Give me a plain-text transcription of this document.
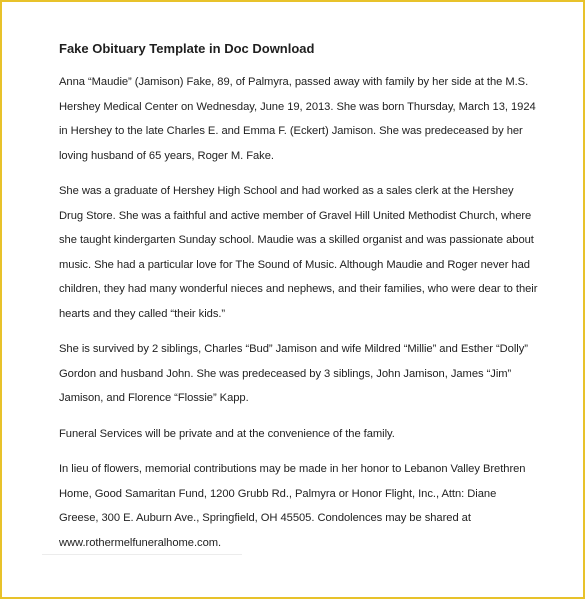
Fake Obituary Template in Doc Download
Anna “Maudie” (Jamison) Fake, 89, of Palmyra, passed away with family by her side at the M.S.
Hershey Medical Center on Wednesday, June 19, 2013. She was born Thursday, March 13, 1924
in Hershey to the late Charles E. and Emma F. (Eckert) Jamison. She was predeceased by her
loving husband of 65 years, Roger M. Fake.
She was a graduate of Hershey High School and had worked as a sales clerk at the Hershey
Drug Store. She was a faithful and active member of Gravel Hill United Methodist Church, where
she taught kindergarten Sunday school. Maudie was a skilled organist and was passionate about
music. She had a particular love for The Sound of Music. Although Maudie and Roger never had
children, they had many wonderful nieces and nephews, and their families, who were dear to their
hearts and they called “their kids.”
She is survived by 2 siblings, Charles “Bud” Jamison and wife Mildred “Millie” and Esther “Dolly”
Gordon and husband John. She was predeceased by 3 siblings, John Jamison, James “Jim”
Jamison, and Florence “Flossie” Kapp.
Funeral Services will be private and at the convenience of the family.
In lieu of flowers, memorial contributions may be made in her honor to Lebanon Valley Brethren
Home, Good Samaritan Fund, 1200 Grubb Rd., Palmyra or Honor Flight, Inc., Attn: Diane
Greese, 300 E. Auburn Ave., Springfield, OH 45505. Condolences may be shared at
www.rothermelfuneralhome.com.
